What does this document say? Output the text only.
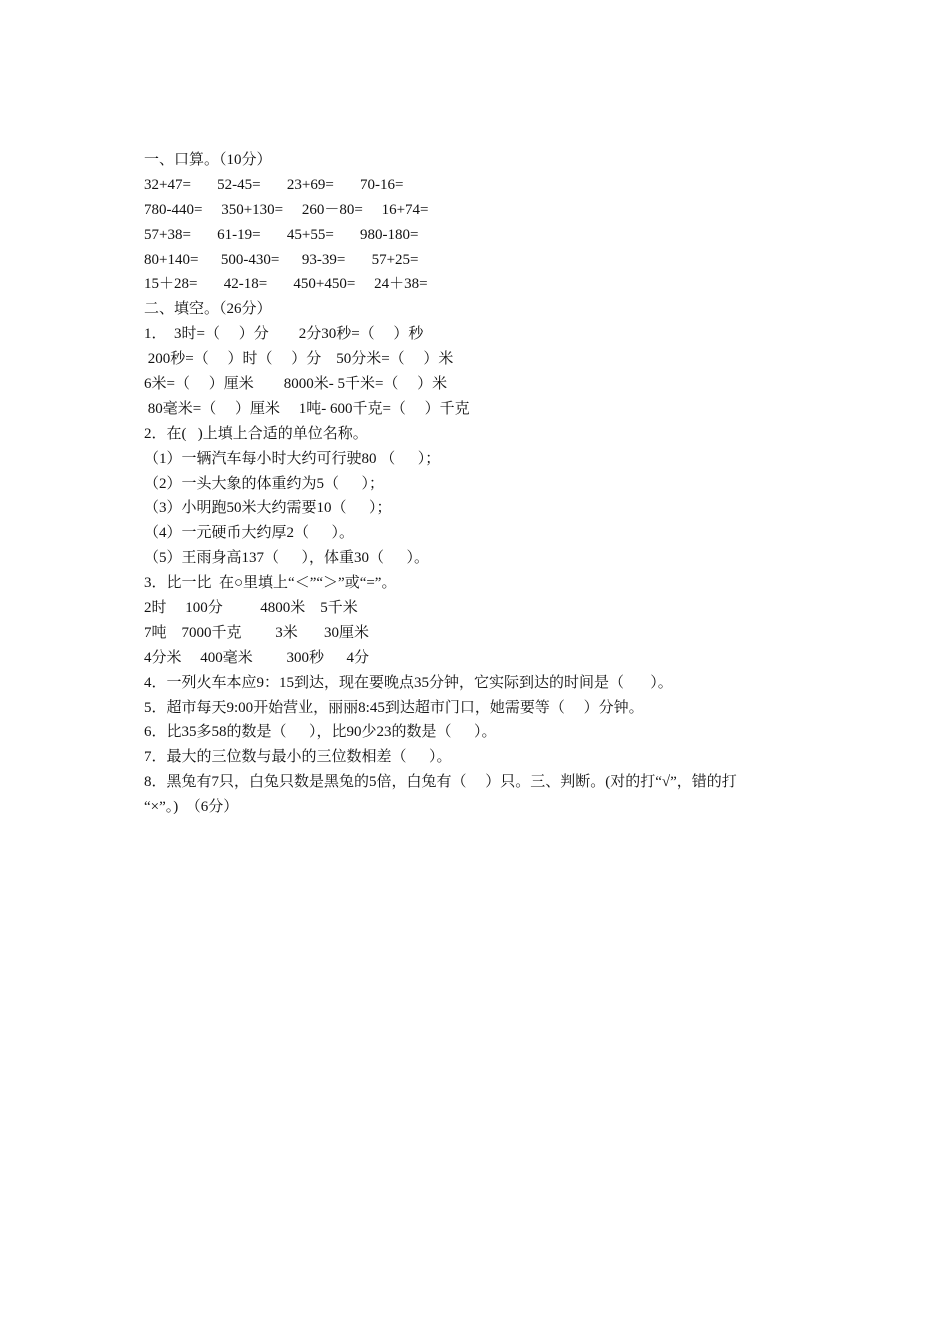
一、口算。（10分）
32+47=       52-45=       23+69=       70-16=
780-440=     350+130=     260－80=     16+74=
57+38=       61-19=       45+55=       980-180=
80+140=      500-430=      93-39=       57+25=
15＋28=       42-18=       450+450=     24＋38=
二、填空。（26分）
1．  3时=（     ）分        2分30秒=（     ）秒
200秒=（     ）时（     ）分    50分米=（     ）米
6米=（     ）厘米        8000米- 5千米=（     ）米
80毫米=（     ）厘米     1吨- 600千克=（     ）千克
2．在(   )上填上合适的单位名称。
（1）一辆汽车每小时大约可行驶80 （      ）；
（2）一头大象的体重约为5（      ）；
（3）小明跑50米大约需要10（      ）；
（4）一元硬币大约厚2（      ）。
（5）王雨身高137（      ），体重30（      ）。
3．比一比  在○里填上“＜”“＞”或“=”。
2时     100分          4800米    5千米
7吨    7000千克         3米       30厘米
4分米     400毫米         300秒      4分
4．一列火车本应9：15到达，现在要晚点35分钟，它实际到达的时间是（       ）。
5．超市每天9:00开始营业，丽丽8:45到达超市门口，她需要等（     ）分钟。
6．比35多58的数是（      ），比90少23的数是（      ）。
7．最大的三位数与最小的三位数相差（      ）。
8．黑兔有7只，白兔只数是黑兔的5倍，白兔有（     ）只。三、判断。(对的打“√”，错的打
“×”。)  （6分）
